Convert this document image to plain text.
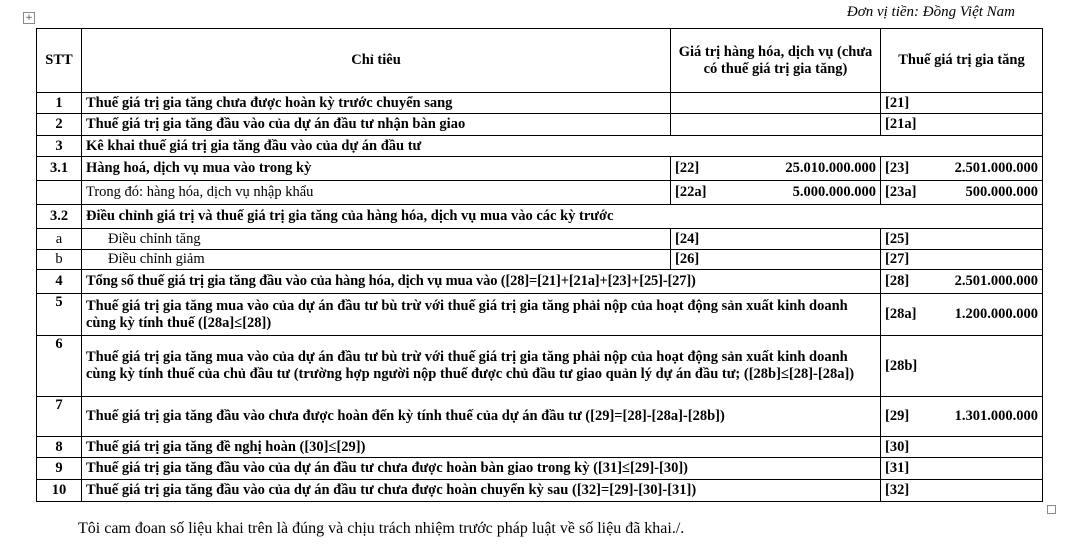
+	Đơn vị tiền: Đồng Việt Nam
STT	Chỉ tiêu	Giá trị hàng hóa, dịch vụ (chưa có thuế giá trị gia tăng)	Thuế giá trị gia tăng
1	Thuế giá trị gia tăng chưa được hoàn kỳ trước chuyển sang		[21]

2	Thuế giá trị gia tăng đầu vào của dự án đầu tư nhận bàn giao		[21a]

3	Kê khai thuế giá trị gia tăng đầu vào của dự án đầu tư		
3.1	Hàng hoá, dịch vụ mua vào trong kỳ	[22] 25.010.000.000	[23] 2.501.000.000

	Trong đó: hàng hóa, dịch vụ nhập khẩu	[22a] 5.000.000.000	[23a] 500.000.000

3.2	Điều chỉnh giá trị và thuế giá trị gia tăng của hàng hóa, dịch vụ mua vào các kỳ trước		
a	Điều chỉnh tăng	[24]	[25]

b	Điều chỉnh giảm	[26]	[27]

4	Tổng số thuế giá trị gia tăng đầu vào của hàng hóa, dịch vụ mua vào ([28]=[21]+[21a]+[23]+[25]-[27])		[28] 2.501.000.000

5	Thuế giá trị gia tăng mua vào của dự án đầu tư bù trừ với thuế giá trị gia tăng phải nộp của hoạt động sản xuất kinh doanh cùng kỳ tính thuế ([28a]≤[28])		[28a] 1.200.000.000

6	Thuế giá trị gia tăng mua vào của dự án đầu tư bù trừ với thuế giá trị gia tăng phải nộp của hoạt động sản xuất kinh doanh cùng kỳ tính thuế của chủ đầu tư (trường hợp người nộp thuế được chủ đầu tư giao quản lý dự án đầu tư; ([28b]≤[28]-[28a])		[28b]

7	Thuế giá trị gia tăng đầu vào chưa được hoàn đến kỳ tính thuế của dự án đầu tư ([29]=[28]-[28a]-[28b])		[29] 1.301.000.000

8	Thuế giá trị gia tăng đề nghị hoàn ([30]≤[29])		[30]

9	Thuế giá trị gia tăng đầu vào của dự án đầu tư chưa được hoàn bàn giao trong kỳ ([31]≤[29]-[30])		[31]

10	Thuế giá trị gia tăng đầu vào của dự án đầu tư chưa được hoàn chuyển kỳ sau ([32]=[29]-[30]-[31])		[32]
Tôi cam đoan số liệu khai trên là đúng và chịu trách nhiệm trước pháp luật về số liệu đã khai./.
